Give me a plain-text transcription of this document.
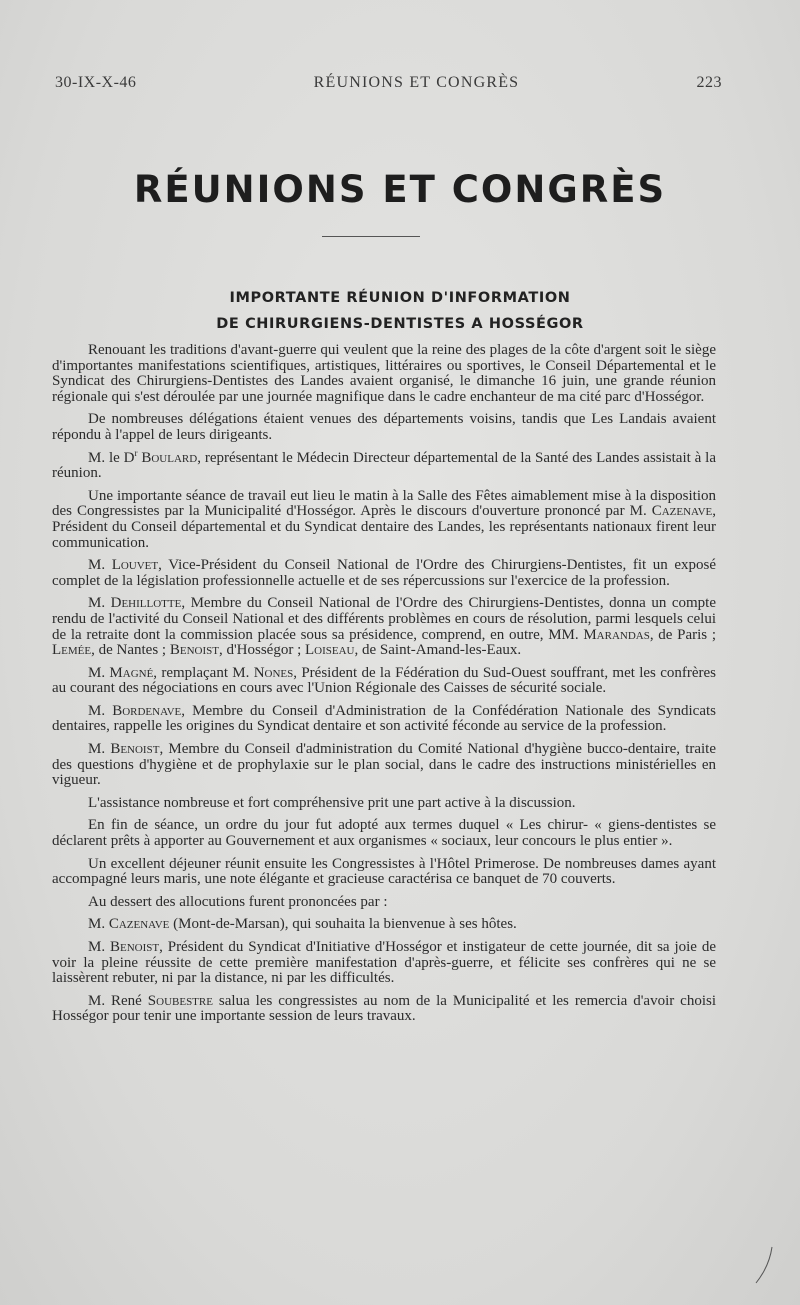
30-IX-X-46	RÉUNIONS ET CONGRÈS	223
RÉUNIONS ET CONGRÈS
IMPORTANTE RÉUNION D'INFORMATION
DE CHIRURGIENS-DENTISTES A HOSSÉGOR

Renouant les traditions d'avant-guerre qui veulent que la reine des plages de la côte d'argent soit le siège d'importantes manifestations scientifiques, artistiques, littéraires ou sportives, le Conseil Départemental et le Syndicat des Chirurgiens-Dentistes des Landes avaient organisé, le dimanche 16 juin, une grande réunion régionale qui s'est déroulée par une journée magnifique dans le cadre enchanteur de ma cité parc d'Hosségor.

De nombreuses délégations étaient venues des départements voisins, tandis que Les Landais avaient répondu à l'appel de leurs dirigeants.

M. le $D^r$ Boulard, représentant le Médecin Directeur départemental de la Santé des Landes assistait à la réunion.

Une importante séance de travail eut lieu le matin à la Salle des Fêtes aimablement mise à la disposition des Congressistes par la Municipalité d'Hosségor. Après le discours d'ouverture prononcé par M. Cazenave, Président du Conseil départemental et du Syndicat dentaire des Landes, les représentants nationaux firent leur communication.

M. Louvet, Vice-Président du Conseil National de l'Ordre des Chirurgiens-Dentistes, fit un exposé complet de la législation professionnelle actuelle et de ses répercussions sur l'exercice de la profession.

M. Dehillotte, Membre du Conseil National de l'Ordre des Chirurgiens-Dentistes, donna un compte rendu de l'activité du Conseil National et des différents problèmes en cours de résolution, parmi lesquels celui de la retraite dont la commission placée sous sa présidence, comprend, en outre, MM. Marandas, de Paris ; Lemée, de Nantes ; Benoist, d'Hosségor ; Loiseau, de Saint-Amand-les-Eaux.

M. Magné, remplaçant M. Nones, Président de la Fédération du Sud-Ouest souffrant, met les confrères au courant des négociations en cours avec l'Union Régionale des Caisses de sécurité sociale.

M. Bordenave, Membre du Conseil d'Administration de la Confédération Nationale des Syndicats dentaires, rappelle les origines du Syndicat dentaire et son activité féconde au service de la profession.

M. Benoist, Membre du Conseil d'administration du Comité National d'hygiène bucco-dentaire, traite des questions d'hygiène et de prophylaxie sur le plan social, dans le cadre des instructions ministérielles en vigueur.

L'assistance nombreuse et fort compréhensive prit une part active à la discussion.

En fin de séance, un ordre du jour fut adopté aux termes duquel « Les chirur- « giens-dentistes se déclarent prêts à apporter au Gouvernement et aux organismes « sociaux, leur concours le plus entier ».

Un excellent déjeuner réunit ensuite les Congressistes à l'Hôtel Primerose. De nombreuses dames ayant accompagné leurs maris, une note élégante et gracieuse caractérisa ce banquet de 70 couverts.

Au dessert des allocutions furent prononcées par :

M. Cazenave (Mont-de-Marsan), qui souhaita la bienvenue à ses hôtes.

M. Benoist, Président du Syndicat d'Initiative d'Hosségor et instigateur de cette journée, dit sa joie de voir la pleine réussite de cette première manifestation d'après-guerre, et félicite ses confrères qui ne se laissèrent rebuter, ni par la distance, ni par les difficultés.

M. René Soubestre salua les congressistes au nom de la Municipalité et les remercia d'avoir choisi Hosségor pour tenir une importante session de leurs travaux.
